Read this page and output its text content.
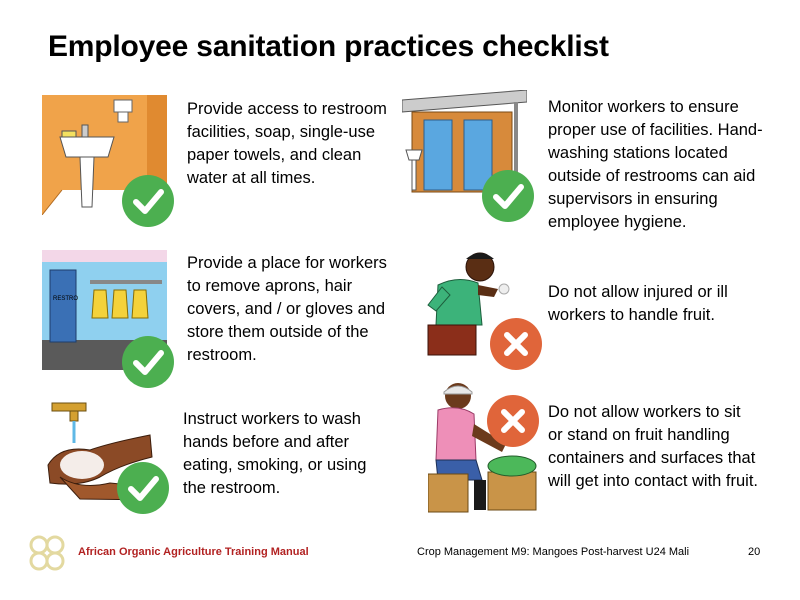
Employee sanitation practices checklist
Provide access to restroom facilities, soap, single-use paper towels, and clean water at all times.
RESTRO
Provide a place for workers to remove aprons, hair covers, and / or gloves and store them outside of the restroom.
Instruct workers to wash hands before and after eating, smoking, or using the restroom.
Monitor workers to ensure proper use of facilities. Hand-washing stations located outside of restrooms can aid supervisors in ensuring employee hygiene.
Do not allow injured or ill workers to handle fruit.
Do not allow workers to sit or stand on fruit handling containers and surfaces that will get into contact with fruit.
African Organic Agriculture Training Manual	Crop Management M9: Mangoes Post-harvest U24 Mali	20
